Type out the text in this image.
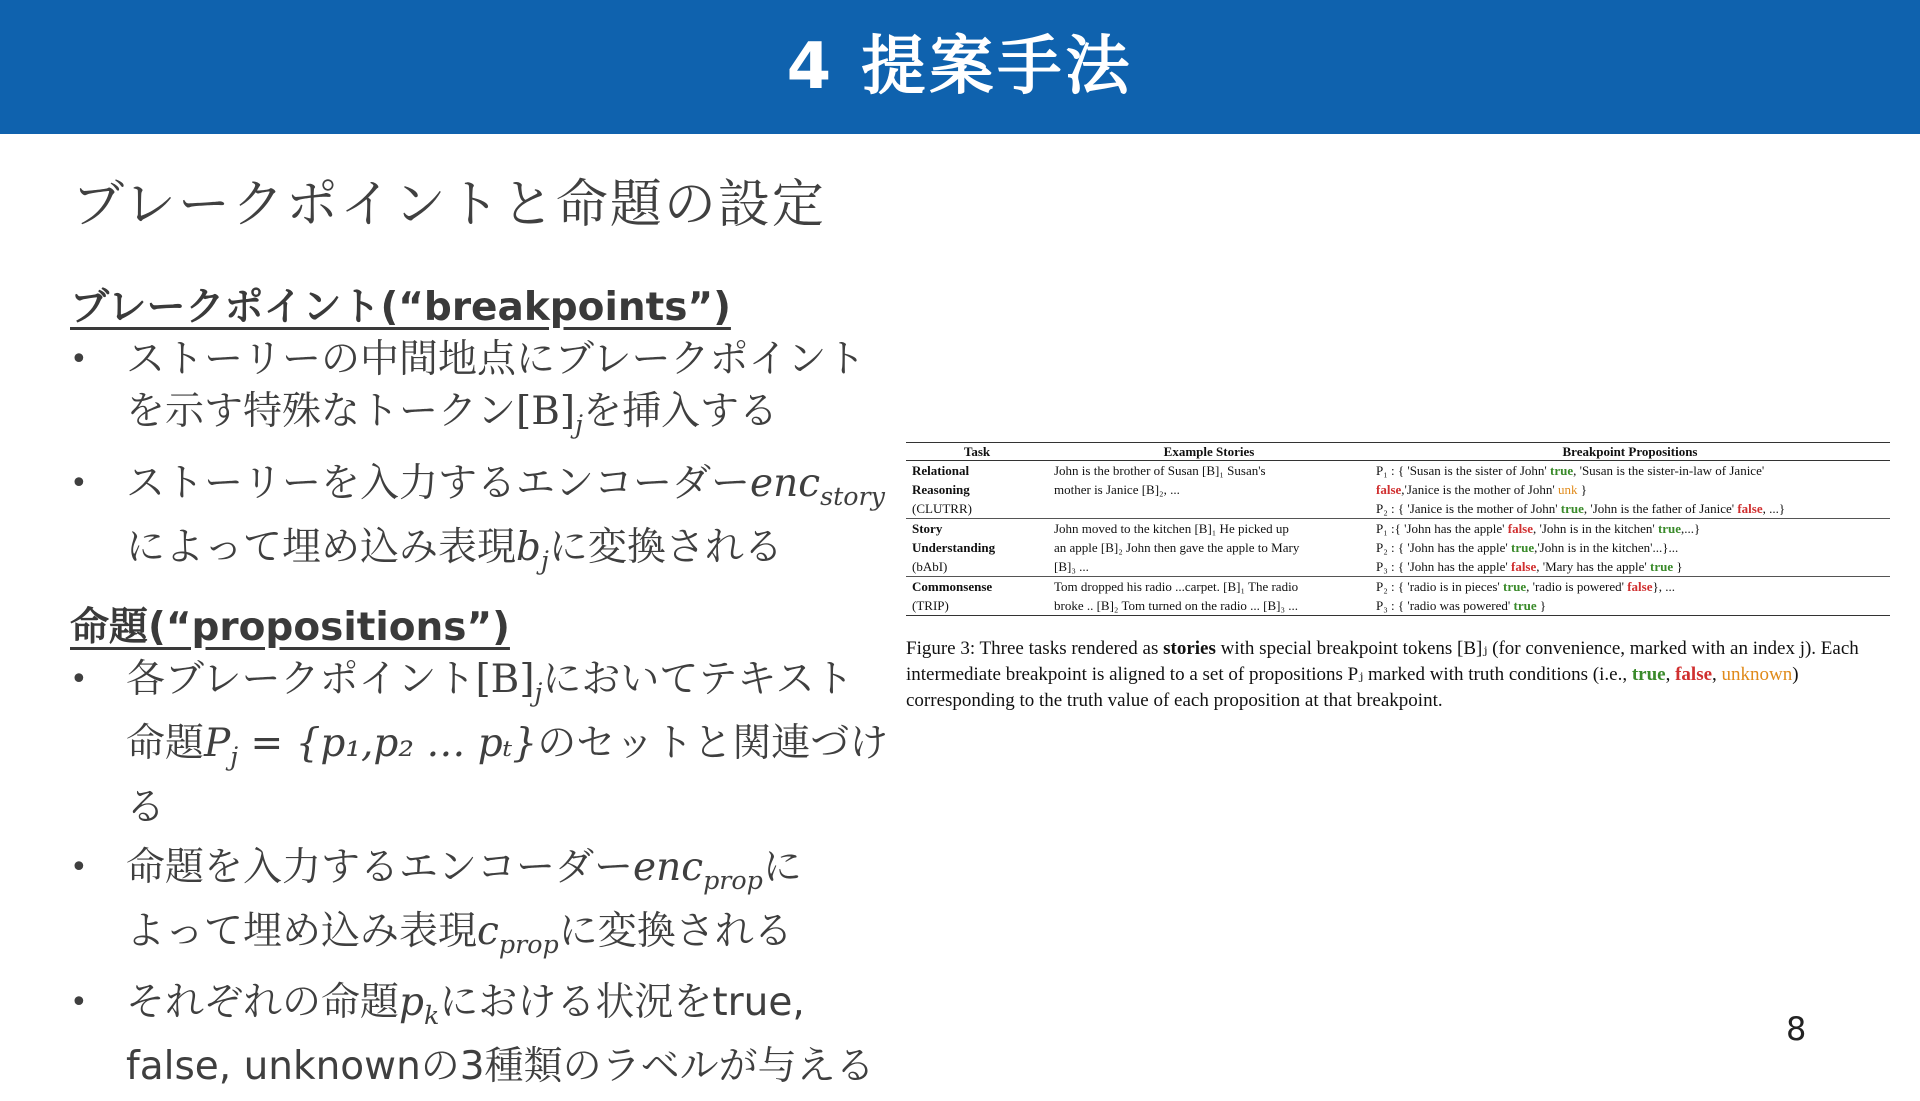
4 提案手法
ブレークポイントと命題の設定
ブレークポイント(“breakpoints”)
• ストーリーの中間地点にブレークポイント
を示す特殊なトークン$[B]_j$を挿入する
• ストーリーを入力するエンコーダーenc$_{story}$
によって埋め込み表現$b_j$に変換される
命題(“propositions”)
• 各ブレークポイント$[B]_j$においてテキスト
命題$P_j = \{p_1,p_2$ … pₜ}のセットと関連づける
• 命題を入力するエンコーダーenc$_{prop}$に
よって埋め込み表現$c_{prop}$に変換される
• それぞれの命題$p_k$における状況をtrue,
false, unknownの3種類のラベルが与える
Task	Example Stories	Breakpoint Propositions
Relational	John is the brother of Susan [B]₁ Susan's	P₁ : { 'Susan is the sister of John' true, 'Susan is the sister-in-law of Janice'
Reasoning	mother is Janice [B]₂, ...	false,'Janice is the mother of John' unk }
(CLUTRR)		P₂ : { 'Janice is the mother of John' true, 'John is the father of Janice' false, ...}
Story	John moved to the kitchen [B]₁ He picked up	P₁ :{ 'John has the apple' false, 'John is in the kitchen' true,...}
Understanding	an apple [B]₂ John then gave the apple to Mary	P₂ : { 'John has the apple' true,'John is in the kitchen'...}...
(bAbI)	[B]₃ ...	P₃ : { 'John has the apple' false, 'Mary has the apple' true }
Commonsense	Tom dropped his radio ...carpet. [B]₁ The radio	P₂ : { 'radio is in pieces' true, 'radio is powered' false}, ...
(TRIP)	broke .. [B]₂ Tom turned on the radio ... [B]₃ ...	P₃ : { 'radio was powered' true }
Figure 3: Three tasks rendered as stories with special breakpoint tokens [B]ⱼ (for convenience, marked with an index j). Each intermediate breakpoint is aligned to a set of propositions Pⱼ marked with truth conditions (i.e., true, false, unknown) corresponding to the truth value of each proposition at that breakpoint.
8
